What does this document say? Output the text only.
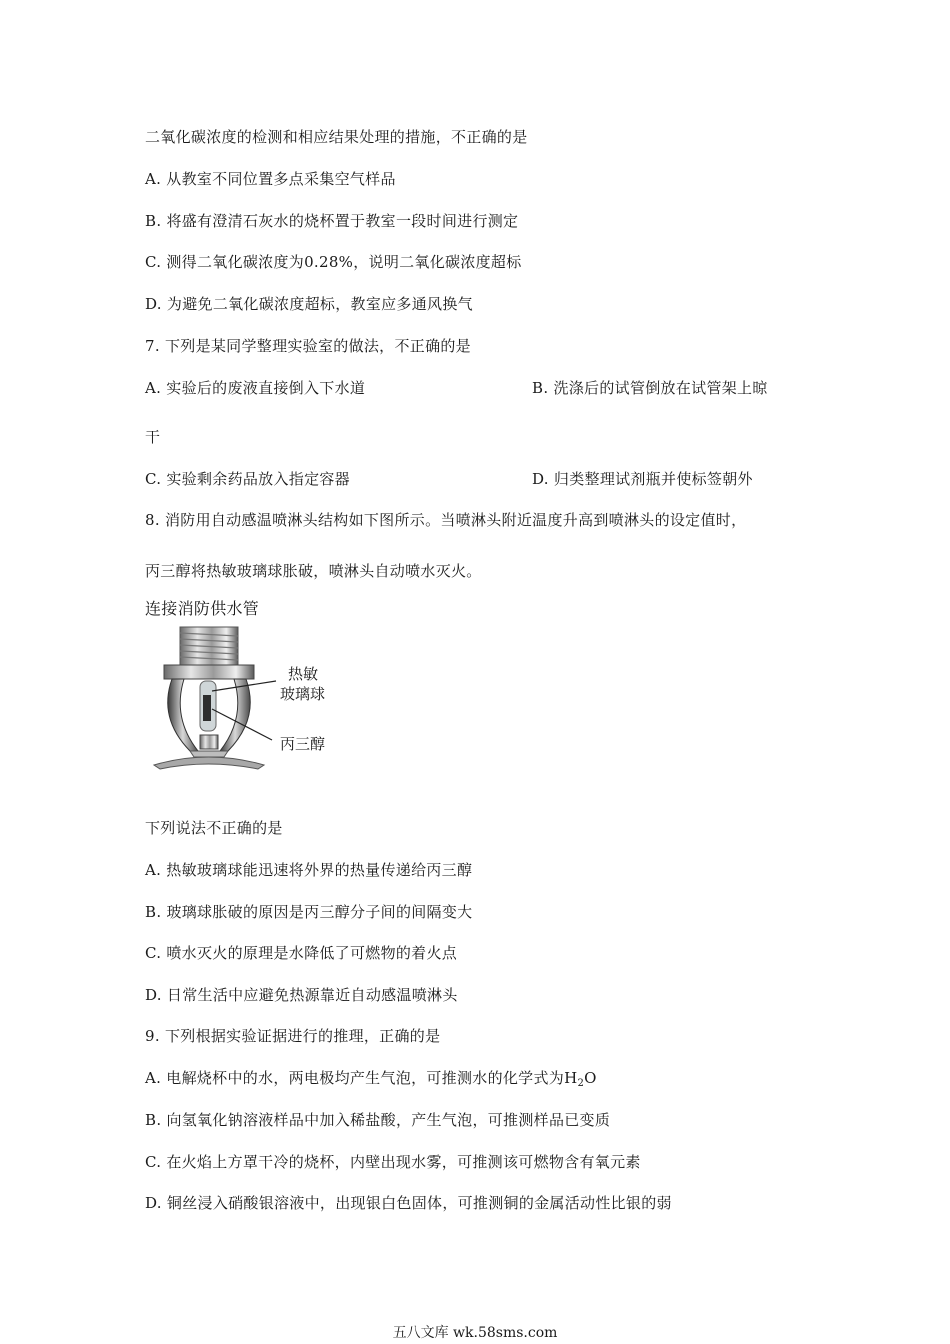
二氧化碳浓度的检测和相应结果处理的措施，不正确的是
A. 从教室不同位置多点采集空气样品
B. 将盛有澄清石灰水的烧杯置于教室一段时间进行测定
C. 测得二氧化碳浓度为0.28%，说明二氧化碳浓度超标
D. 为避免二氧化碳浓度超标，教室应多通风换气
7. 下列是某同学整理实验室的做法，不正确的是
A. 实验后的废液直接倒入下水道	B. 洗涤后的试管倒放在试管架上晾
干
C. 实验剩余药品放入指定容器	D. 归类整理试剂瓶并使标签朝外
8. 消防用自动感温喷淋头结构如下图所示。当喷淋头附近温度升高到喷淋头的设定值时，
丙三醇将热敏玻璃球胀破，喷淋头自动喷水灭火。
连接消防供水管
热敏
玻璃球
丙三醇
下列说法不正确的是
A. 热敏玻璃球能迅速将外界的热量传递给丙三醇
B. 玻璃球胀破的原因是丙三醇分子间的间隔变大
C. 喷水灭火的原理是水降低了可燃物的着火点
D. 日常生活中应避免热源靠近自动感温喷淋头
9. 下列根据实验证据进行的推理，正确的是
A. 电解烧杯中的水，两电极均产生气泡，可推测水的化学式为$H_2O$
B. 向氢氧化钠溶液样品中加入稀盐酸，产生气泡，可推测样品已变质
C. 在火焰上方罩干冷的烧杯，内壁出现水雾，可推测该可燃物含有氧元素
D. 铜丝浸入硝酸银溶液中，出现银白色固体，可推测铜的金属活动性比银的弱
五八文库 wk.58sms.com
